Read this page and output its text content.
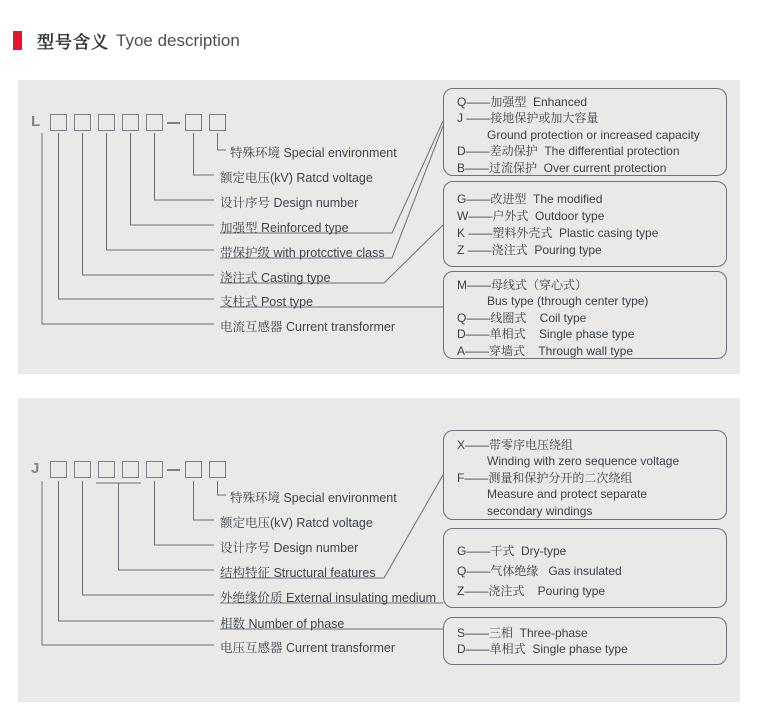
型号含义 Tyoe description
L
特殊环境 Special environment
额定电压(kV) Ratcd voltage
设计序号 Design number
加强型 Reinforced type
带保护级 with protcctive class
浇注式 Casting type
支柱式 Post type
电流互感器 Current transformer
Q——加强型  Enhanced
J ——接地保护或加大容量
Ground protection or increased capacity
D——差动保护  The differential protection
B——过流保护  Over current protection
G——改进型  The modified
W——户外式  Outdoor type
K ——塑料外壳式  Plastic casing type
Z ——浇注式  Pouring type
M——母线式（穿心式）
Bus type (through center type)
Q——线圈式    Coil type
D——单相式    Single phase type
A——穿墙式    Through wall type
J
特殊环境 Special environment
额定电压(kV) Ratcd voltage
设计序号 Design number
结构特征 Structural features
外绝缘价质 External insulating medium
相数 Number of phase
电压互感器 Current transformer
X——带零序电压绕组
Winding with zero sequence voltage
F——测量和保护分开的二次绕组
Measure and protect separate
secondary windings
G——干式  Dry-type
Q——气体绝缘   Gas insulated
Z——浇注式    Pouring type
S——三相  Three-phase
D——单相式  Single phase type
